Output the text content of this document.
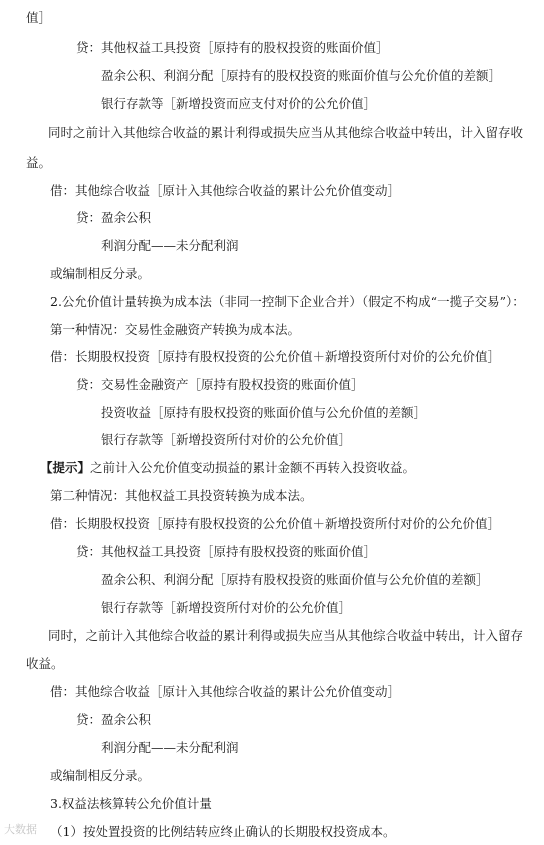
值］
贷：其他权益工具投资［原持有的股权投资的账面价值］
盈余公积、利润分配［原持有的股权投资的账面价值与公允价值的差额］
银行存款等［新增投资而应支付对价的公允价值］
同时之前计入其他综合收益的累计利得或损失应当从其他综合收益中转出，计入留存收
益。
借：其他综合收益［原计入其他综合收益的累计公允价值变动］
贷：盈余公积
利润分配——未分配利润
或编制相反分录。
2.公允价值计量转换为成本法（非同一控制下企业合并）（假定不构成“一揽子交易”）：
第一种情况：交易性金融资产转换为成本法。
借：长期股权投资［原持有股权投资的公允价值＋新增投资所付对价的公允价值］
贷：交易性金融资产［原持有股权投资的账面价值］
投资收益［原持有股权投资的账面价值与公允价值的差额］
银行存款等［新增投资所付对价的公允价值］
【提示】之前计入公允价值变动损益的累计金额不再转入投资收益。
第二种情况：其他权益工具投资转换为成本法。
借：长期股权投资［原持有股权投资的公允价值＋新增投资所付对价的公允价值］
贷：其他权益工具投资［原持有股权投资的账面价值］
盈余公积、利润分配［原持有股权投资的账面价值与公允价值的差额］
银行存款等［新增投资所付对价的公允价值］
同时，之前计入其他综合收益的累计利得或损失应当从其他综合收益中转出，计入留存
收益。
借：其他综合收益［原计入其他综合收益的累计公允价值变动］
贷：盈余公积
利润分配——未分配利润
或编制相反分录。
3.权益法核算转公允价值计量
（1）按处置投资的比例结转应终止确认的长期股权投资成本。
大数据
